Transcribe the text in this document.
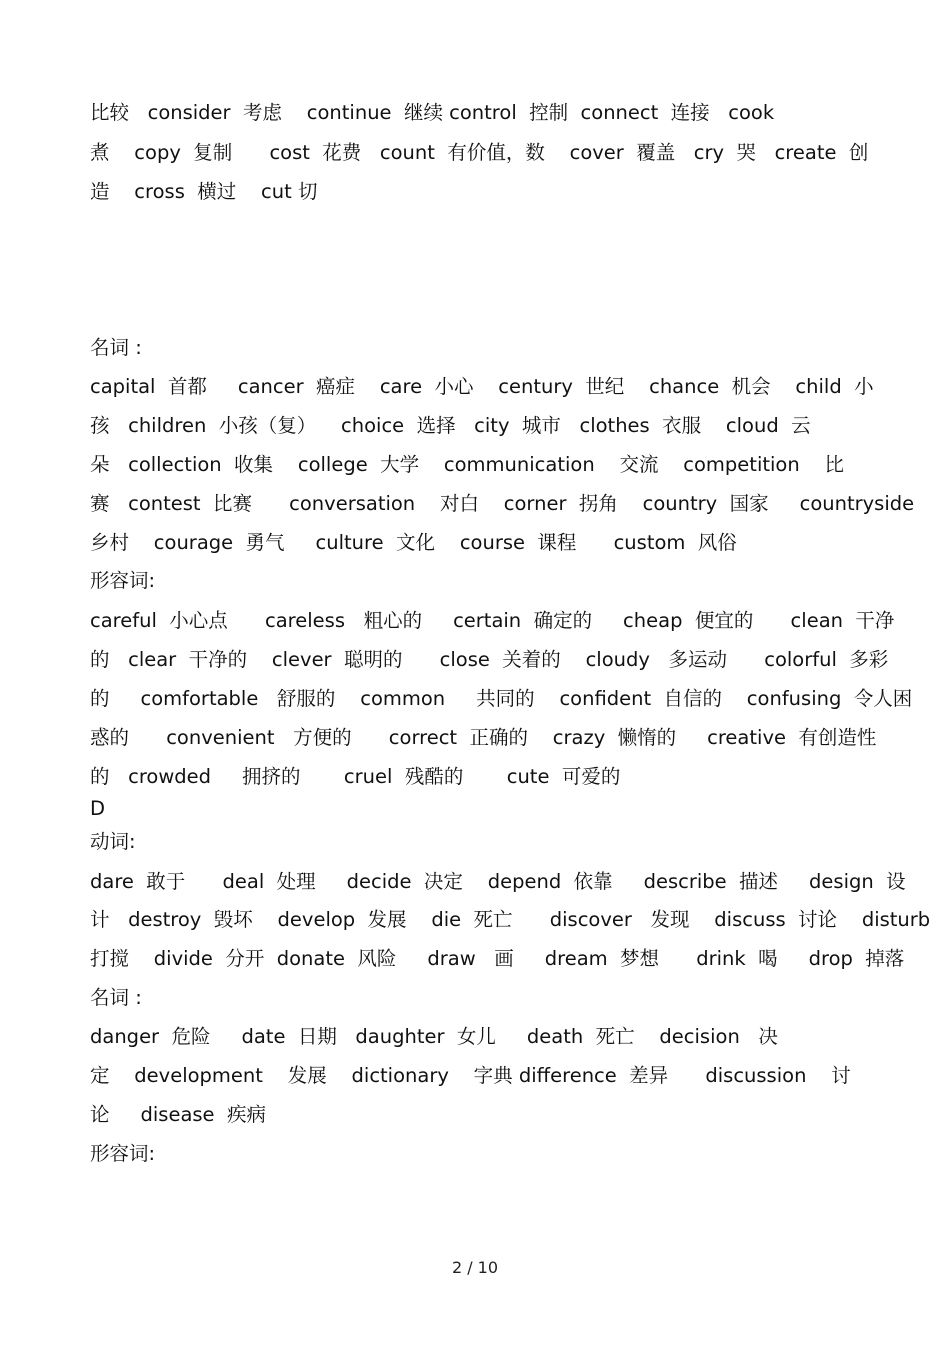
比较   consider  考虑    continue  继续 control  控制  connect  连接   cook
煮    copy  复制      cost  花费   count  有价值，数    cover  覆盖   cry  哭   create  创
造    cross  横过    cut 切
名词 :
capital  首都     cancer  癌症    care  小心    century  世纪    chance  机会    child  小
孩   children  小孩（复）    choice  选择   city  城市   clothes  衣服    cloud  云
朵   collection  收集    college  大学    communication    交流    competition    比
赛   contest  比赛      conversation    对白    corner  拐角    country  国家     countryside
乡村    courage  勇气     culture  文化    course  课程      custom  风俗
形容词:
careful  小心点      careless   粗心的     certain  确定的     cheap  便宜的      clean  干净
的   clear  干净的    clever  聪明的      close  关着的    cloudy   多运动      colorful  多彩
的     comfortable   舒服的    common     共同的    confident  自信的    confusing  令人困
惑的      convenient   方便的      correct  正确的    crazy  懒惰的     creative  有创造性
的   crowded     拥挤的       cruel  残酷的       cute  可爱的
D
动词:
dare  敢于      deal  处理     decide  决定    depend  依靠     describe  描述     design  设
计   destroy  毁坏    develop  发展    die  死亡      discover   发现    discuss  讨论    disturb
打搅    divide  分开  donate  风险     draw   画     dream  梦想      drink  喝     drop  掉落
名词 :
danger  危险     date  日期   daughter  女儿     death  死亡    decision   决
定    development    发展    dictionary    字典 difference  差异      discussion    讨
论     disease  疾病
形容词:
2 / 10
